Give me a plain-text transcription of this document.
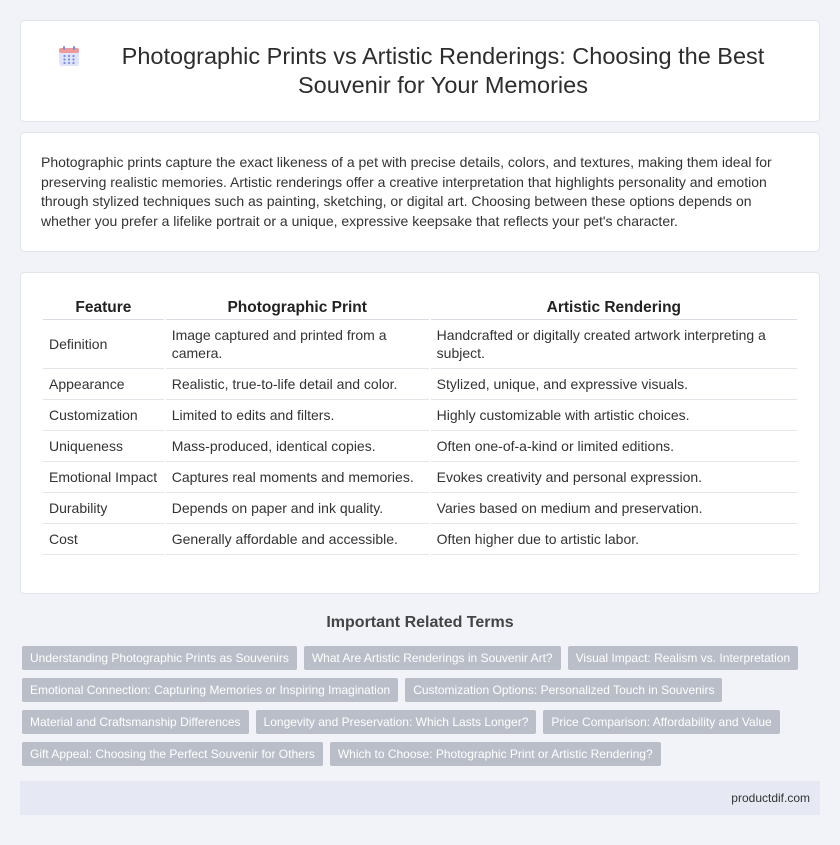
Photographic Prints vs Artistic Renderings: Choosing the Best Souvenir for Your Memories

Photographic prints capture the exact likeness of a pet with precise details, colors, and textures, making them ideal for preserving realistic memories. Artistic renderings offer a creative interpretation that highlights personality and emotion through stylized techniques such as painting, sketching, or digital art. Choosing between these options depends on whether you prefer a lifelike portrait or a unique, expressive keepsake that reflects your pet's character.

Feature	Photographic Print	Artistic Rendering
Definition	Image captured and printed from a camera.	Handcrafted or digitally created artwork interpreting a subject.
Appearance	Realistic, true-to-life detail and color.	Stylized, unique, and expressive visuals.
Customization	Limited to edits and filters.	Highly customizable with artistic choices.
Uniqueness	Mass-produced, identical copies.	Often one-of-a-kind or limited editions.
Emotional Impact	Captures real moments and memories.	Evokes creativity and personal expression.
Durability	Depends on paper and ink quality.	Varies based on medium and preservation.
Cost	Generally affordable and accessible.	Often higher due to artistic labor.
Important Related Terms
Understanding Photographic Prints as Souvenirs	What Are Artistic Renderings in Souvenir Art?	Visual Impact: Realism vs. Interpretation
Emotional Connection: Capturing Memories or Inspiring Imagination	Customization Options: Personalized Touch in Souvenirs
Material and Craftsmanship Differences	Longevity and Preservation: Which Lasts Longer?	Price Comparison: Affordability and Value
Gift Appeal: Choosing the Perfect Souvenir for Others	Which to Choose: Photographic Print or Artistic Rendering?
productdif.com
